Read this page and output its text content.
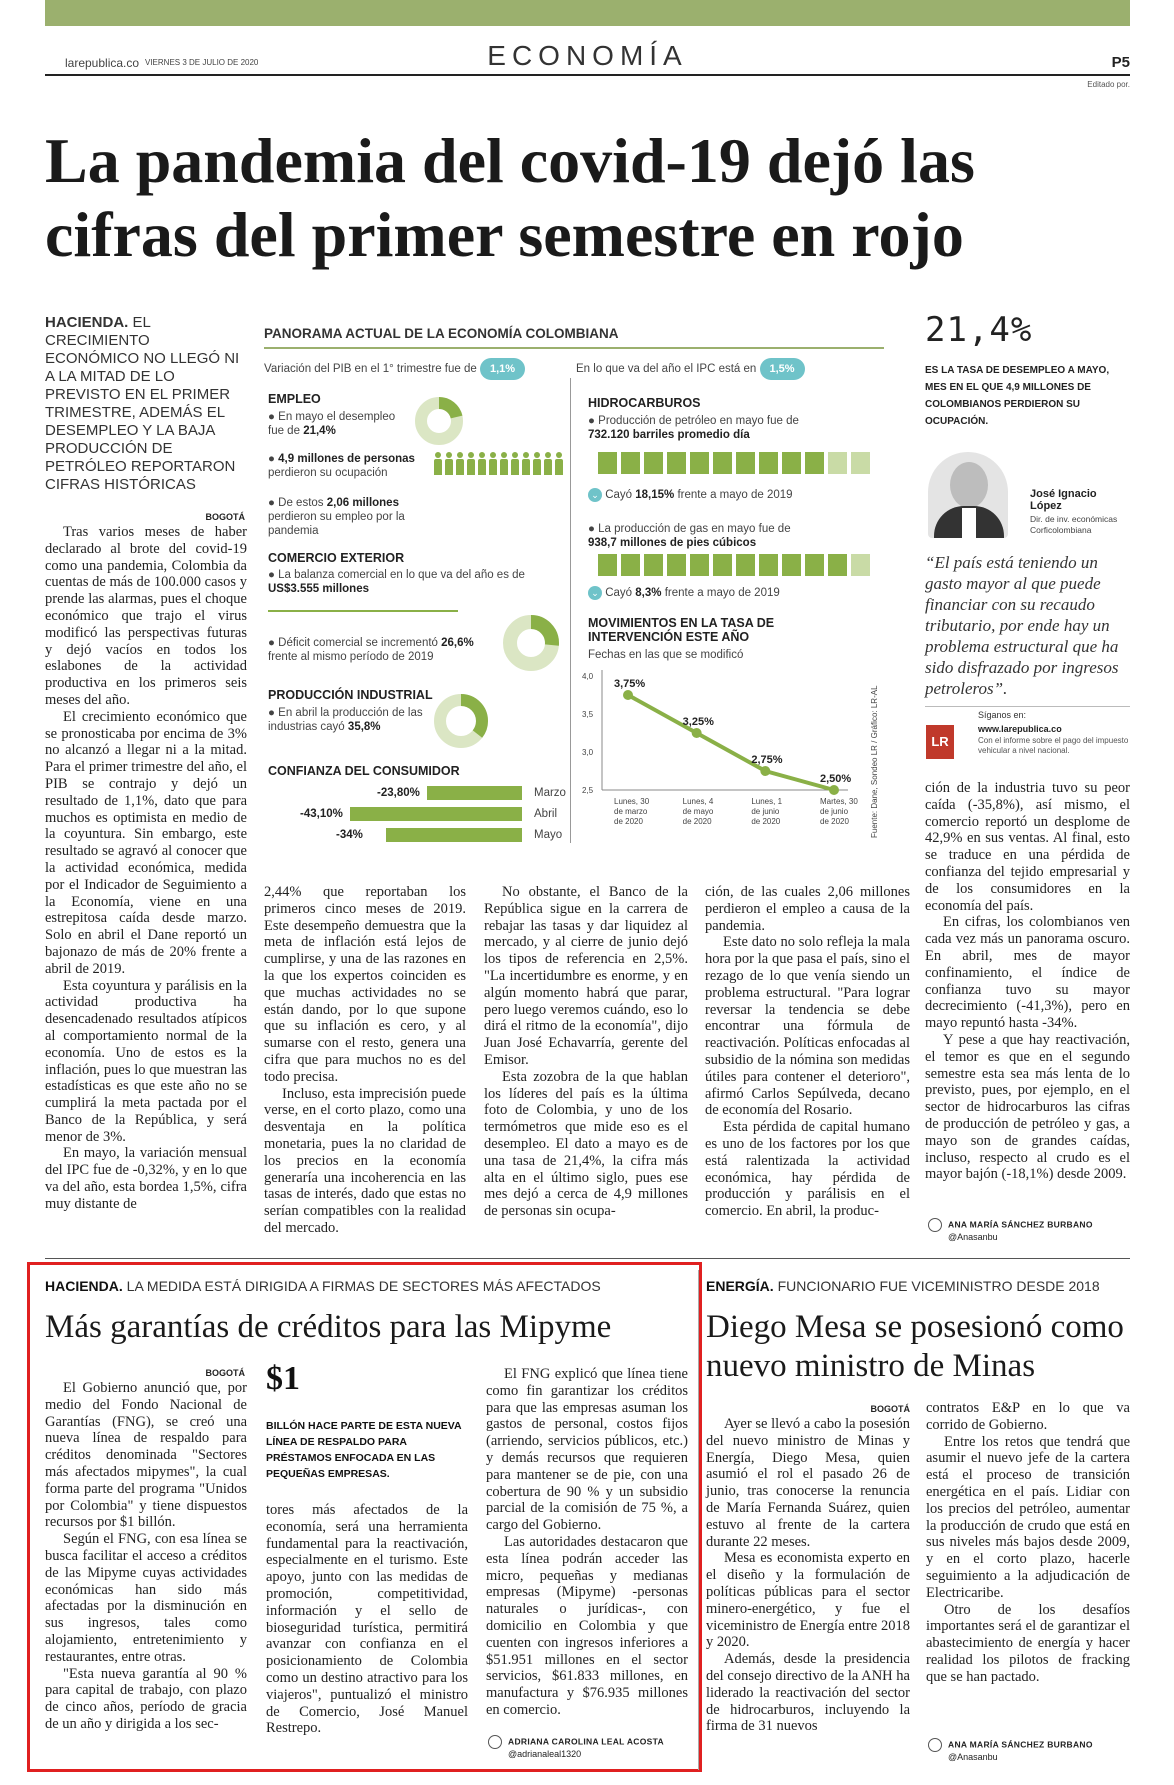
larepublica.co VIERNES 3 DE JULIO DE 2020	ECONOMÍA	P5
Editado por.
La pandemia del covid-19 dejó las cifras del primer semestre en rojo
HACIENDA. EL CRECIMIENTO ECONÓMICO NO LLEGÓ NI A LA MITAD DE LO PREVISTO EN EL PRIMER TRIMESTRE, ADEMÁS EL DESEMPLEO Y LA BAJA PRODUCCIÓN DE PETRÓLEO REPORTARON CIFRAS HISTÓRICAS
BOGOTÁ

Tras varios meses de haber declarado al brote del covid-19 como una pandemia, Colombia da cuentas de más de 100.000 casos y prende las alarmas, pues el choque económico que trajo el virus modificó las perspectivas futuras y dejó vacíos en todos los eslabones de la actividad productiva en los primeros seis meses del año.

El crecimiento económico que se pronosticaba por encima de 3% no alcanzó a llegar ni a la mitad. Para el primer trimestre del año, el PIB se contrajo y dejó un resultado de 1,1%, dato que para muchos es optimista en medio de la coyuntura. Sin embargo, este resultado se agravó al conocer que la actividad económica, medida por el Indicador de Seguimiento a la Economía, viene en una estrepitosa caída desde marzo. Solo en abril el Dane reportó un bajonazo de más de 20% frente a abril de 2019.

Esta coyuntura y parálisis en la actividad productiva ha desencadenado resultados atípicos al comportamiento normal de la economía. Uno de estos es la inflación, pues lo que muestran las estadísticas es que este año no se cumplirá la meta pactada por el Banco de la República, y será menor de 3%.

En mayo, la variación mensual del IPC fue de -0,32%, y en lo que va del año, esta bordea 1,5%, cifra muy distante de

PANORAMA ACTUAL DE LA ECONOMÍA COLOMBIANA
Variación del PIB en el 1° trimestre fue de 1,1%	En lo que va del año el IPC está en 1,5%
EMPLEO
● En mayo el desempleo fue de 21,4%
● 4,9 millones de personas
perdieron su ocupación
● De estos 2,06 millones
perdieron su empleo por la pandemia
COMERCIO EXTERIOR
● La balanza comercial en lo que va del año es de
US$3.555 millones
● Déficit comercial se incrementó 26,6%
frente al mismo período de 2019
PRODUCCIÓN INDUSTRIAL
● En abril la producción de las industrias cayó 35,8%
CONFIANZA DEL CONSUMIDOR
-23,80%	Marzo
-43,10%	Abril
-34%	Mayo
HIDROCARBUROS
● Producción de petróleo en mayo fue de
732.120 barriles promedio día
⌄ Cayó 18,15% frente a mayo de 2019
● La producción de gas en mayo fue de
938,7 millones de pies cúbicos
⌄ Cayó 8,3% frente a mayo de 2019
MOVIMIENTOS EN LA TASA DE INTERVENCIÓN ESTE AÑO
Fechas en las que se modificó
4,0
3,5
3,0
2,5
3,75%
Lunes, 30 de marzo de 2020
3,25%
Lunes, 4 de mayo de 2020
2,75%
Lunes, 1 de junio de 2020
2,50%
Martes, 30 de junio de 2020	Fuente: Dane, Sondeo LR / Gráfico: LR-AL
21,4%
ES LA TASA DE DESEMPLEO A MAYO, MES EN EL QUE 4,9 MILLONES DE COLOMBIANOS PERDIERON SU OCUPACIÓN.
José Ignacio López
Dir. de inv. económicas Corficolombiana
“El país está teniendo un gasto mayor al que puede financiar con su recaudo tributario, por ende hay un problema estructural que ha sido disfrazado por ingresos petroleros”.
LR
Síganos en:
www.larepublica.co
Con el informe sobre el pago del impuesto vehicular a nivel nacional.

2,44% que reportaban los primeros cinco meses de 2019. Este desempeño demuestra que la meta de inflación está lejos de cumplirse, y una de las razones en la que los expertos coinciden es que muchas actividades no se están dando, por lo que supone que su inflación es cero, y al sumarse con el resto, genera una cifra que para muchos no es del todo precisa.

Incluso, esta imprecisión puede verse, en el corto plazo, como una desventaja en la política monetaria, pues la no claridad de los precios en la economía generaría una incoherencia en las tasas de interés, dado que estas no serían compatibles con la realidad del mercado.

No obstante, el Banco de la República sigue en la carrera de rebajar las tasas y dar liquidez al mercado, y al cierre de junio dejó los tipos de referencia en 2,5%. "La incertidumbre es enorme, y en algún momento habrá que parar, pero luego veremos cuándo, eso lo dirá el ritmo de la economía", dijo Juan José Echavarría, gerente del Emisor.

Esta zozobra de la que hablan los líderes del país es la última foto de Colombia, y uno de los termómetros que mide eso es el desempleo. El dato a mayo es de una tasa de 21,4%, la cifra más alta en el último siglo, pues ese mes dejó a cerca de 4,9 millones de personas sin ocupa-

ción, de las cuales 2,06 millones perdieron el empleo a causa de la pandemia.

Este dato no solo refleja la mala hora por la que pasa el país, sino el rezago de lo que venía siendo un problema estructural. "Para lograr reversar la tendencia se debe encontrar una fórmula de reactivación. Políticas enfocadas al subsidio de la nómina son medidas útiles para contener el deterioro", afirmó Carlos Sepúlveda, decano de economía del Rosario.

Esta pérdida de capital humano es uno de los factores por los que está ralentizada la actividad económica, hay pérdida de producción y parálisis en el comercio. En abril, la produc-

ción de la industria tuvo su peor caída (-35,8%), así mismo, el comercio reportó un desplome de 42,9% en sus ventas. Al final, esto se traduce en una pérdida de confianza del tejido empresarial y de los consumidores en la economía del país.

En cifras, los colombianos ven cada vez más un panorama oscuro. En abril, mes de mayor confinamiento, el índice de confianza tuvo su mayor decrecimiento (-41,3%), pero en mayo repuntó hasta -34%.

Y pese a que hay reactivación, el temor es que en el segundo semestre esta sea más lenta de lo previsto, pues, por ejemplo, en el sector de hidrocarburos las cifras de producción de petróleo y gas, a mayo son de grandes caídas, incluso, respecto al crudo es el mayor bajón (-18,1%) desde 2009.

ANA MARÍA SÁNCHEZ BURBANO
@Anasanbu
HACIENDA. LA MEDIDA ESTÁ DIRIGIDA A FIRMAS DE SECTORES MÁS AFECTADOS
Más garantías de créditos para las Mipyme
BOGOTÁ

El Gobierno anunció que, por medio del Fondo Nacional de Garantías (FNG), se creó una nueva línea de respaldo para créditos denominada "Sectores más afectados mipymes", la cual forma parte del programa "Unidos por Colombia" y tiene dispuestos recursos por $1 billón.

Según el FNG, con esa línea se busca facilitar el acceso a créditos de las Mipyme cuyas actividades económicas han sido más afectadas por la disminución en sus ingresos, tales como alojamiento, entretenimiento y restaurantes, entre otras.

"Esta nueva garantía al 90 % para capital de trabajo, con plazo de cinco años, período de gracia de un año y dirigida a los sec-

$1
BILLÓN HACE PARTE DE ESTA NUEVA LÍNEA DE RESPALDO PARA PRÉSTAMOS ENFOCADA EN LAS PEQUEÑAS EMPRESAS.

tores más afectados de la economía, será una herramienta fundamental para la reactivación, especialmente en el turismo. Este apoyo, junto con las medidas de promoción, competitividad, información y el sello de bioseguridad turística, permitirá avanzar con confianza en el posicionamiento de Colombia como un destino atractivo para los viajeros", puntualizó el ministro de Comercio, José Manuel Restrepo.

El FNG explicó que línea tiene como fin garantizar los créditos para que las empresas asuman los gastos de personal, costos fijos (arriendo, servicios públicos, etc.) y demás recursos que requieren para mantener se de pie, con una cobertura de 90 % y un subsidio parcial de la comisión de 75 %, a cargo del Gobierno.

Las autoridades destacaron que esta línea podrán acceder las micro, pequeñas y medianas empresas (Mipyme) -personas naturales o jurídicas-, con domicilio en Colombia y que cuenten con ingresos inferiores a $51.951 millones en el sector servicios, $61.833 millones, en manufactura y $76.935 millones en comercio.

ADRIANA CAROLINA LEAL ACOSTA
@adrianaleal1320
ENERGÍA. FUNCIONARIO FUE VICEMINISTRO DESDE 2018
Diego Mesa se posesionó como nuevo ministro de Minas
BOGOTÁ

Ayer se llevó a cabo la posesión del nuevo ministro de Minas y Energía, Diego Mesa, quien asumió el rol el pasado 26 de junio, tras conocerse la renuncia de María Fernanda Suárez, quien estuvo al frente de la cartera durante 22 meses.

Mesa es economista experto en el diseño y la formulación de políticas públicas para el sector minero-energético, y fue el viceministro de Energía entre 2018 y 2020.

Además, desde la presidencia del consejo directivo de la ANH ha liderado la reactivación del sector de hidrocarburos, incluyendo la firma de 31 nuevos

contratos E&P en lo que va corrido de Gobierno.

Entre los retos que tendrá que asumir el nuevo jefe de la cartera está el proceso de transición energética en el país. Lidiar con los precios del petróleo, aumentar la producción de crudo que está en sus niveles más bajos desde 2009, y en el corto plazo, hacerle seguimiento a la adjudicación de Electricaribe.

Otro de los desafíos importantes será el de garantizar el abastecimiento de energía y hacer realidad los pilotos de fracking que se han pactado.

ANA MARÍA SÁNCHEZ BURBANO
@Anasanbu
